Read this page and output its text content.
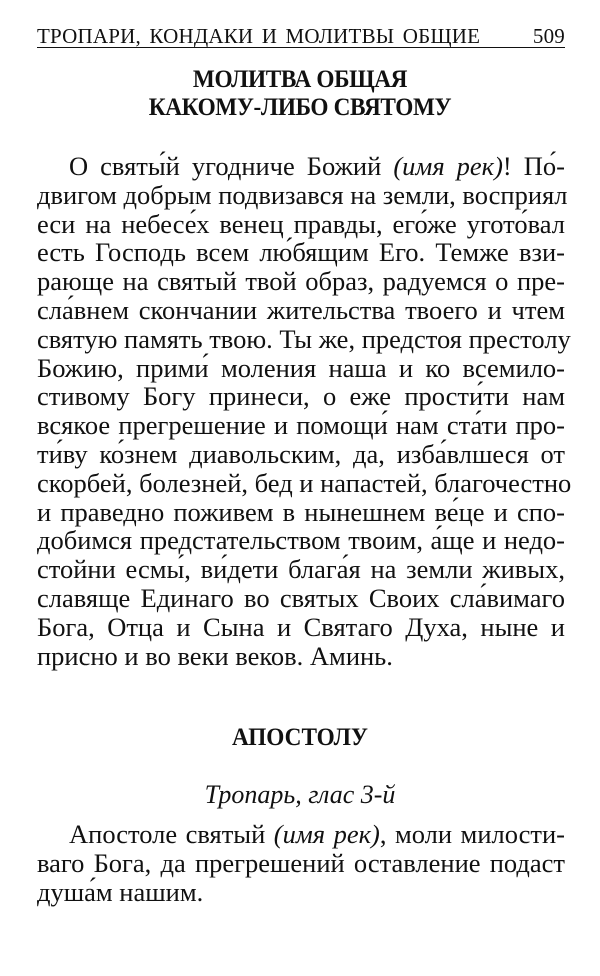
ТРОПАРИ, КОНДАКИ И МОЛИТВЫ ОБЩИЕ	509
МОЛИТВА ОБЩАЯ
КАКОМУ-ЛИБО СВЯТОМУ
О святы́й угодниче Божий (имя рек)! По́-
двигом добрым подвизався на земли, восприял
еси на небесе́х венец правды, его́же угото́вал
есть Господь всем лю́бящим Его. Темже взи-
рающе на святый твой образ, радуемся о пре-
сла́внем скончании жительства твоего и чтем
святую память твою. Ты же, предстоя престолу
Божию, прими́ моления наша и ко всемило-
стивому Богу принеси, о еже прости́ти нам
всякое прегрешение и помощи́ нам ста́ти про-
ти́ву ко́знем диавольским, да, изба́влшеся от
скорбей, болезней, бед и напастей, благочестно
и праведно поживем в нынешнем ве́це и спо-
добимся предстательством твоим, а́ще и недо-
стойни есмы́, ви́дети блага́я на земли живых,
славяще Единаго во святых Своих сла́вимаго
Бога, Отца и Сына и Святаго Духа, ныне и
присно и во веки веков. Аминь.
АПОСТОЛУ
Тропарь, глас 3-й
Апостоле святый (имя рек), моли милости-
ваго Бога, да прегрешений оставление подаст
душа́м нашим.
